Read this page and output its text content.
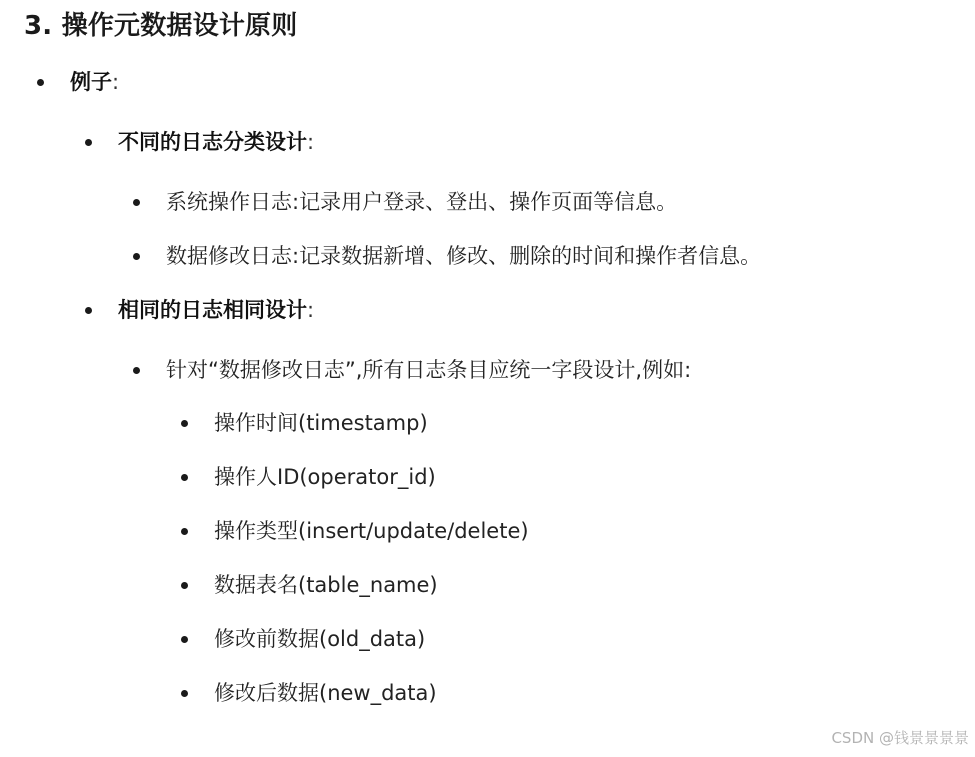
3. 操作元数据设计原则
例子:
不同的日志分类设计:
系统操作日志:记录用户登录、登出、操作页面等信息。
数据修改日志:记录数据新增、修改、删除的时间和操作者信息。
相同的日志相同设计:
针对“数据修改日志”,所有日志条目应统一字段设计,例如:
操作时间(timestamp)
操作人ID(operator_id)
操作类型(insert/update/delete)
数据表名(table_name)
修改前数据(old_data)
修改后数据(new_data)
CSDN @钱景景景景
